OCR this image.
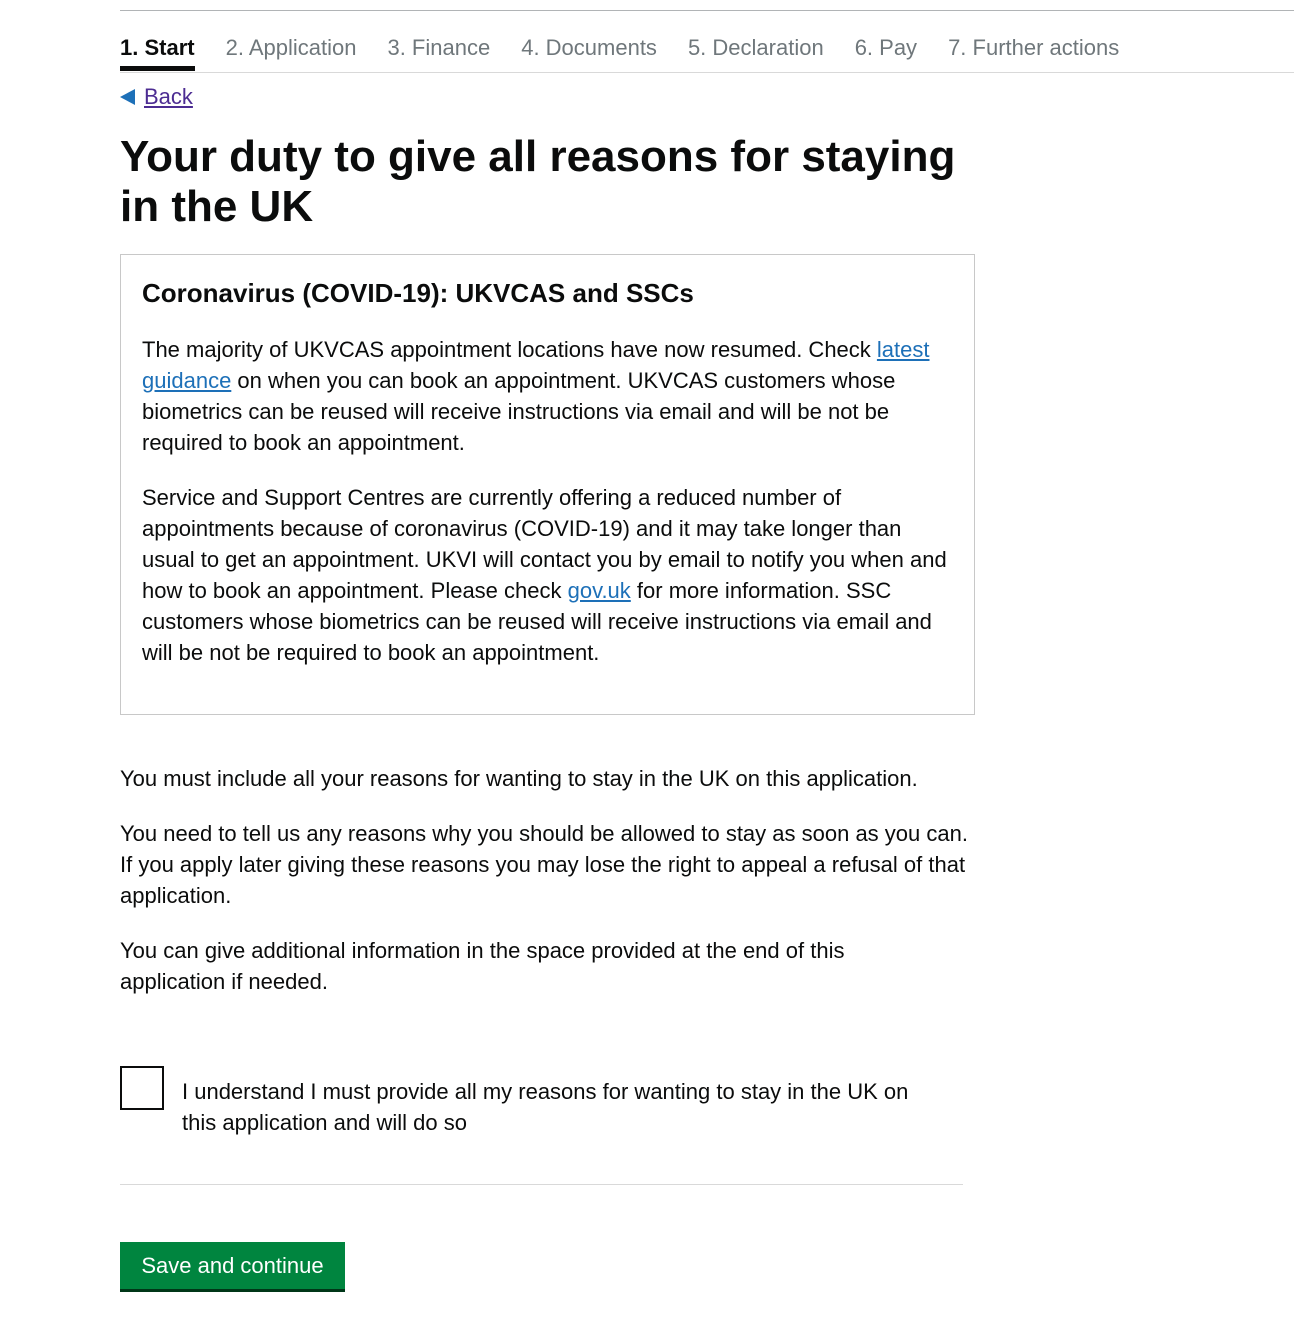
1. Start 2. Application 3. Finance 4. Documents 5. Declaration 6. Pay 7. Further actions
Back
Your duty to give all reasons for staying in the UK
Coronavirus (COVID-19): UKVCAS and SSCs

The majority of UKVCAS appointment locations have now resumed. Check latest guidance on when you can book an appointment. UKVCAS customers whose biometrics can be reused will receive instructions via email and will be not be required to book an appointment.

Service and Support Centres are currently offering a reduced number of appointments because of coronavirus (COVID-19) and it may take longer than usual to get an appointment. UKVI will contact you by email to notify you when and how to book an appointment. Please check gov.uk for more information. SSC customers whose biometrics can be reused will receive instructions via email and will be not be required to book an appointment.

You must include all your reasons for wanting to stay in the UK on this application.

You need to tell us any reasons why you should be allowed to stay as soon as you can. If you apply later giving these reasons you may lose the right to appeal a refusal of that application.

You can give additional information in the space provided at the end of this application if needed.

I understand I must provide all my reasons for wanting to stay in the UK on this application and will do so
Save and continue
